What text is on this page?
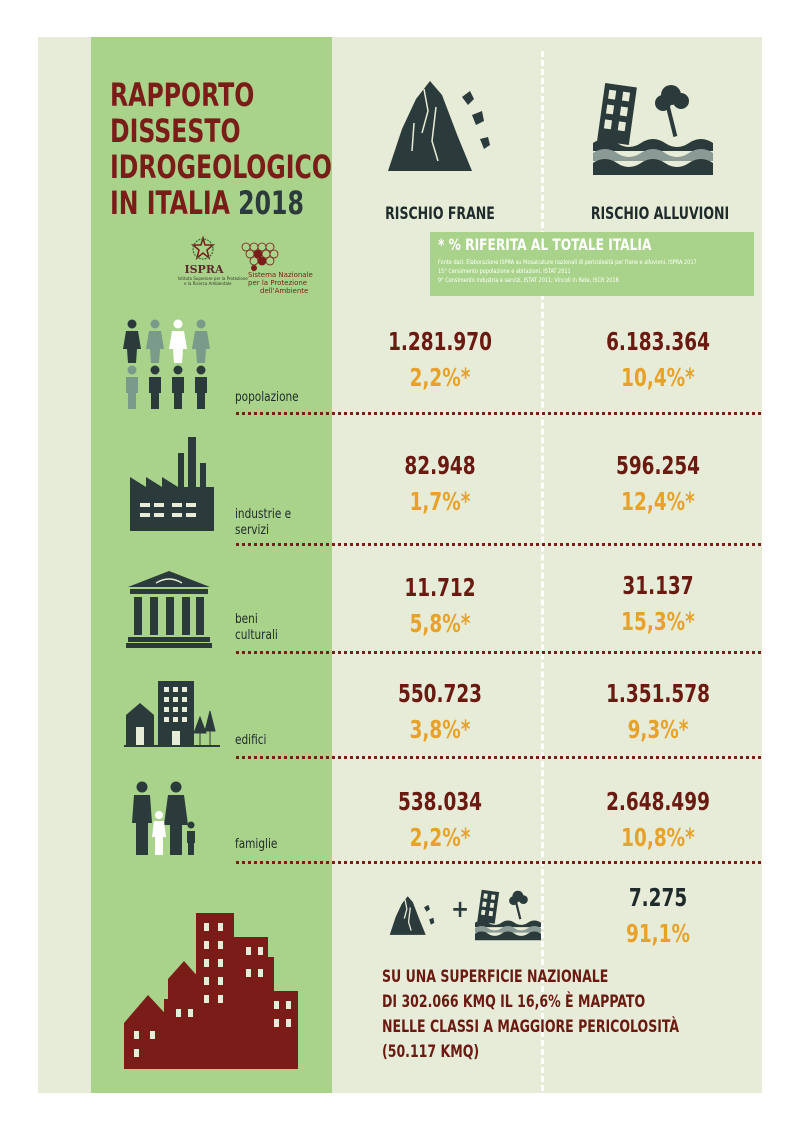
RAPPORTO
DISSESTO
IDROGEOLOGICO
IN ITALIA 2018
ISPRA
Istituto Superiore per la Protezione
e la Ricerca Ambientale
Sistema Nazionale
per la Protezione
dell'Ambiente
RISCHIO FRANE	RISCHIO ALLUVIONI
* % RIFERITA AL TOTALE ITALIA
Fonte dati: Elaborazione ISPRA su Mosaicature nazionali di pericolosità per frane e alluvioni, ISPRA 2017
15° Censimento popolazione e abitazioni, ISTAT 2011
9° Censimento industria e servizi, ISTAT 2011; Vincoli in Rete, ISCR 2018
popolazione
1.281.970
2,2%*
6.183.364
10,4%*
industrie e servizi
82.948
1,7%*
596.254
12,4%*
beni culturali
11.712
5,8%*
31.137
15,3%*
edifici
550.723
3,8%*
1.351.578
9,3%*
famiglie
538.034
2,2%*
2.648.499
10,8%*
COMUNI
+	7.275
91,1%
SU UNA SUPERFICIE NAZIONALE
DI 302.066 KMQ IL 16,6% È MAPPATO
NELLE CLASSI A MAGGIORE PERICOLOSITÀ
(50.117 KMQ)
